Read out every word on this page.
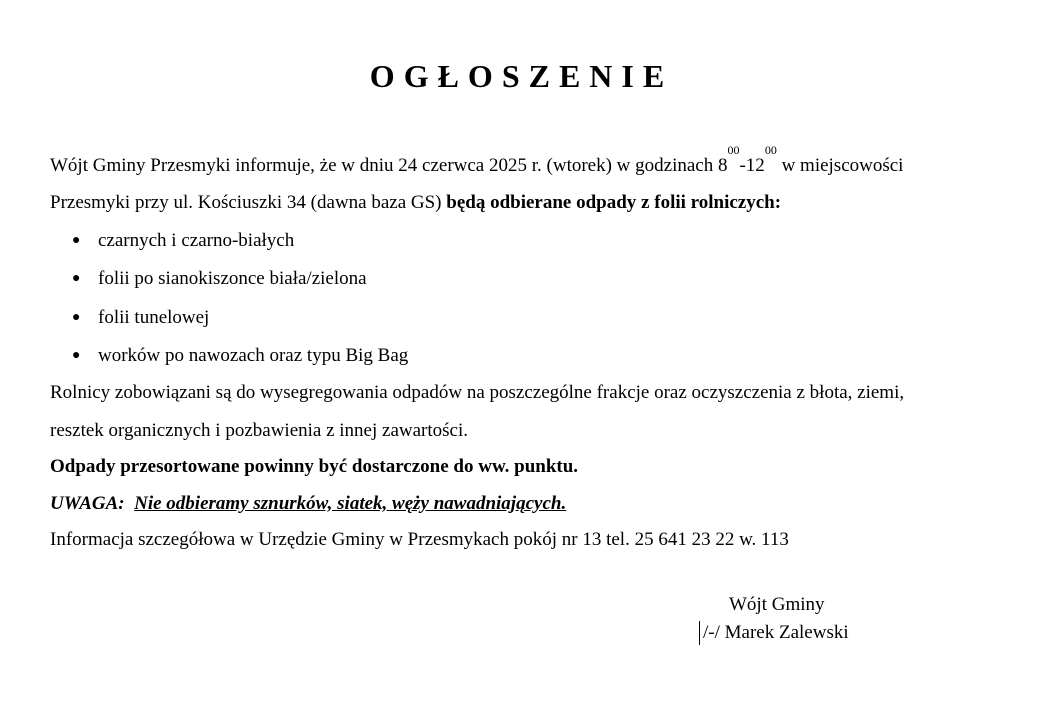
OGŁOSZENIE
Wójt Gminy Przesmyki informuje, że w dniu 24 czerwca 2025 r. (wtorek) w godzinach $8^{00}-12^{00}$ w miejscowości
Przesmyki przy ul. Kościuszki 34 (dawna baza GS) będą odbierane odpady z folii rolniczych:
● czarnych i czarno-białych
● folii po sianokiszonce biała/zielona
● folii tunelowej
● worków po nawozach oraz typu Big Bag
Rolnicy zobowiązani są do wysegregowania odpadów na poszczególne frakcje oraz oczyszczenia z błota, ziemi,
resztek organicznych i pozbawienia z innej zawartości.
Odpady przesortowane powinny być dostarczone do ww. punktu.
UWAGA: Nie odbieramy sznurków, siatek, węży nawadniających.
Informacja szczegółowa w Urzędzie Gminy w Przesmykach pokój nr 13 tel. 25 641 23 22 w. 113
Wójt Gminy
/-/ Marek Zalewski
